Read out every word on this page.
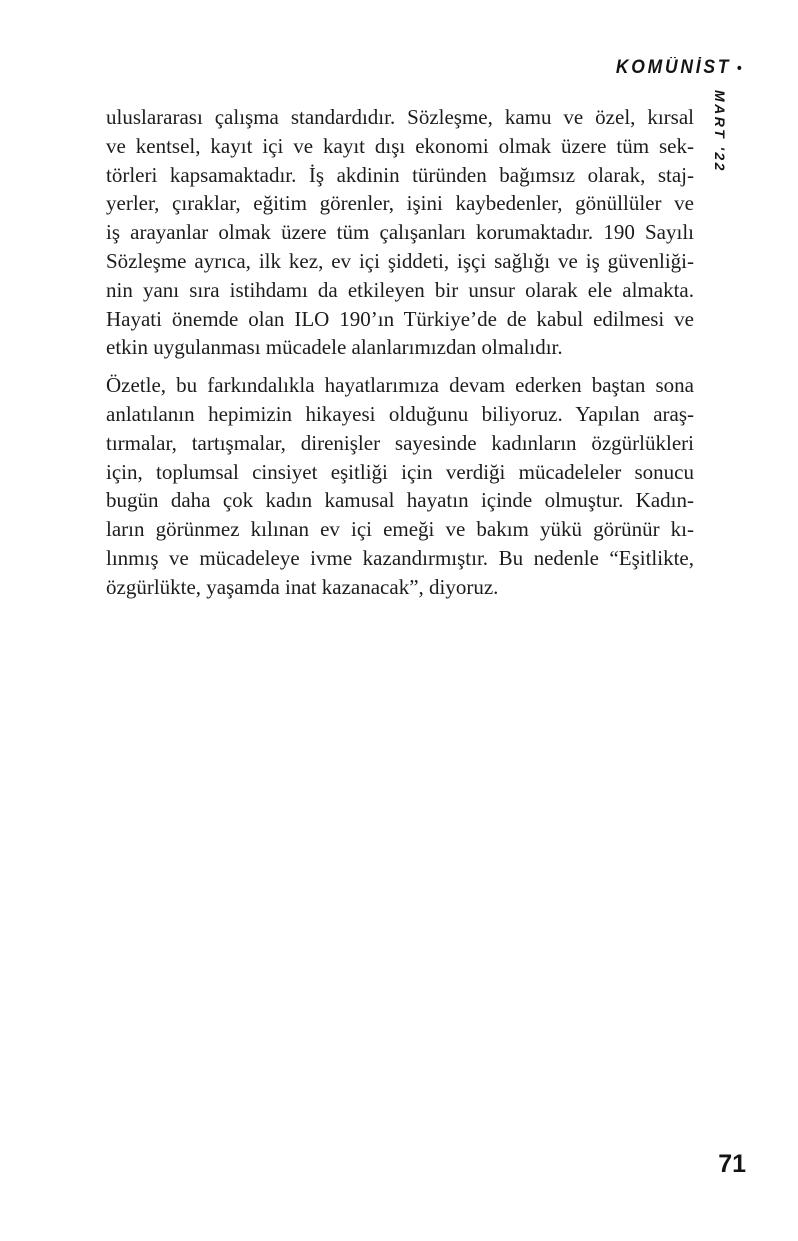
KOMÜNİST •
MART '22
uluslararası çalışma standardıdır. Sözleşme, kamu ve özel, kırsal
ve kentsel, kayıt içi ve kayıt dışı ekonomi olmak üzere tüm sek-
törleri kapsamaktadır. İş akdinin türünden bağımsız olarak, staj-
yerler, çıraklar, eğitim görenler, işini kaybedenler, gönüllüler ve
iş arayanlar olmak üzere tüm çalışanları korumaktadır. 190 Sayılı
Sözleşme ayrıca, ilk kez, ev içi şiddeti, işçi sağlığı ve iş güvenliği-
nin yanı sıra istihdamı da etkileyen bir unsur olarak ele almakta.
Hayati önemde olan ILO 190’ın Türkiye’de de kabul edilmesi ve
etkin uygulanması mücadele alanlarımızdan olmalıdır.
Özetle, bu farkındalıkla hayatlarımıza devam ederken baştan sona
anlatılanın hepimizin hikayesi olduğunu biliyoruz. Yapılan araş-
tırmalar, tartışmalar, direnişler sayesinde kadınların özgürlükleri
için, toplumsal cinsiyet eşitliği için verdiği mücadeleler sonucu
bugün daha çok kadın kamusal hayatın içinde olmuştur. Kadın-
ların görünmez kılınan ev içi emeği ve bakım yükü görünür kı-
lınmış ve mücadeleye ivme kazandırmıştır. Bu nedenle “Eşitlikte,
özgürlükte, yaşamda inat kazanacak”, diyoruz.
71
